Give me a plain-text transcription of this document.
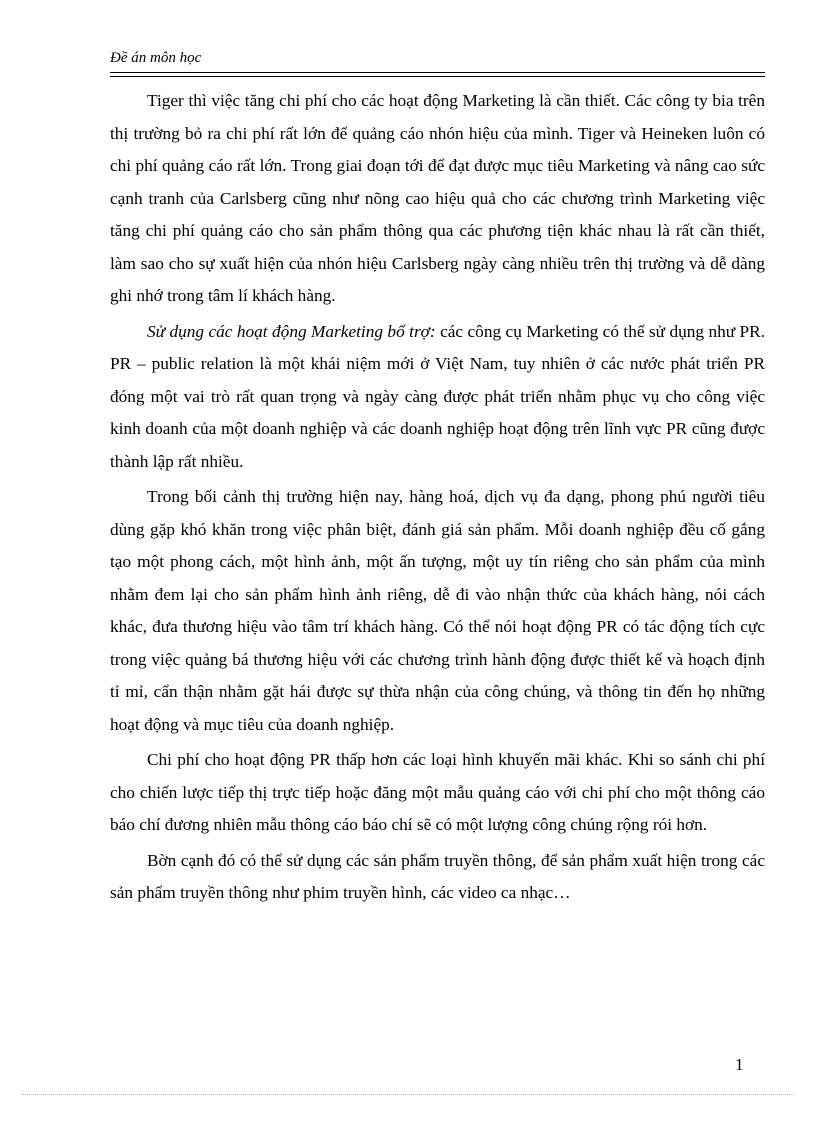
Đề án môn học

Tiger thì việc tăng chi phí cho các hoạt động Marketing là cần thiết. Các công ty bia trên thị trường bỏ ra chi phí rất lớn để quảng cáo nhón hiệu của mình. Tiger và Heineken luôn có chi phí quảng cáo rất lớn. Trong giai đoạn tới để đạt được mục tiêu Marketing và nâng cao sức cạnh tranh của Carlsberg cũng như nõng cao hiệu quả cho các chương trình Marketing việc tăng chi phí quảng cáo cho sản phẩm thông qua các phương tiện khác nhau là rất cần thiết, làm sao cho sự xuất hiện của nhón hiệu Carlsberg ngày càng nhiều trên thị trường và dễ dàng ghi nhớ trong tâm lí khách hàng.

Sử dụng các hoạt động Marketing bổ trợ: các công cụ Marketing có thể sử dụng như PR. PR – public relation là một khái niệm mới ở Việt Nam, tuy nhiên ở các nước phát triển PR đóng một vai trò rất quan trọng và ngày càng được phát triển nhằm phục vụ cho công việc kinh doanh của một doanh nghiệp và các doanh nghiệp hoạt động trên lĩnh vực PR cũng được thành lập rất nhiều.

Trong bối cảnh thị trường hiện nay, hàng hoá, dịch vụ đa dạng, phong phú người tiêu dùng gặp khó khăn trong việc phân biệt, đánh giá sản phẩm. Mỗi doanh nghiệp đều cố gắng tạo một phong cách, một hình ảnh, một ấn tượng, một uy tín riêng cho sản phẩm của mình nhằm đem lại cho sản phẩm hình ảnh riêng, dễ đi vào nhận thức của khách hàng, nói cách khác, đưa thương hiệu vào tâm trí khách hàng. Có thể nói hoạt động PR có tác động tích cực trong việc quảng bá thương hiệu với các chương trình hành động được thiết kế và hoạch định tỉ mỉ, cẩn thận nhằm gặt hái được sự thừa nhận của công chúng, và thông tin đến họ những hoạt động và mục tiêu của doanh nghiệp.

Chi phí cho hoạt động PR thấp hơn các loại hình khuyến mãi khác. Khi so sánh chi phí cho chiến lược tiếp thị trực tiếp hoặc đăng một mẫu quảng cáo với chi phí cho một thông cáo báo chí đương nhiên mẫu thông cáo báo chí sẽ có một lượng công chúng rộng rói hơn.

Bờn cạnh đó có thể sử dụng các sản phẩm truyền thông, để sản phẩm xuất hiện trong các sản phẩm truyền thông như phim truyền hình, các video ca nhạc…

1
